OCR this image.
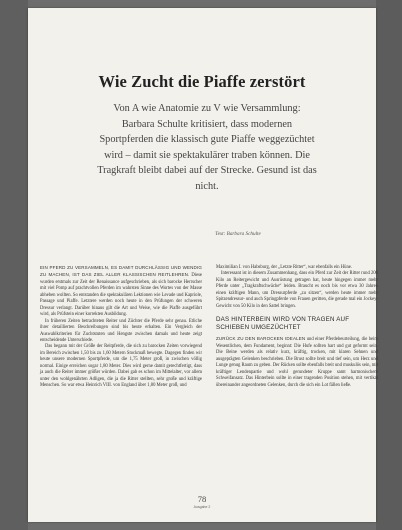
Wie Zucht die Piaffe zerstört
Von A wie Anatomie zu V wie Versammlung: Barbara Schulte kritisiert, dass modernen Sportpferden die klassisch gute Piaffe weggezüchtet wird – damit sie spektakulärer traben können. Die Tragkraft bleibt dabei auf der Strecke. Gesund ist das nicht.
Text: Barbara Schulte

EIN PFERD ZU VERSAMMELN, ES DAMIT DURCHLÄSSIG UND WENDIG ZU MACHEN, IST DAS ZIEL ALLER KLASSISCHEN REITLEHREN. Diese wurden erstmals zur Zeit der Renaissance aufgeschrieben, als sich barocke Herrscher mit viel Pomp auf prachtvollen Pferden im wahrsten Sinne des Wortes von der Masse abheben wollten. So entstanden die spektakulären Lektionen wie Levade und Kapriole, Passage und Piaffe. Letztere werden noch heute in den Prüfungen der schweren Dressur verlangt. Darüber hinaus gilt die Art und Weise, wie die Piaffe ausgeführt wird, als Prüfstein einer korrekten Ausbildung.

In früheren Zeiten betrachteten Reiter und Züchter die Pferde sehr genau. Etliche ihrer detaillierten Beschreibungen sind bis heute erhalten. Ein Vergleich der Auswahlkriterien für Zuchtstuten und Hengste zwischen damals und heute zeigt entscheidende Unterschiede.

Das begann mit der Größe der Reitpferde, die sich zu barocken Zeiten vorwiegend im Bereich zwischen 1,50 bis zu 1,60 Metern Stockmaß bewegte. Dagegen finden wir heute unsere modernen Sportpferde, um die 1,75 Meter groß, in zwischen völlig normal. Einige erreichen sogar 1,80 Meter. Dies wird gerne damit gerechtfertigt, dass ja auch die Reiter immer größer würden. Dabei gab es schon im Mittelalter, vor allem unter den wohlgenährten Adligen, die ja die Ritter stellten, sehr große und kräftige Menschen. So war etwa Heinrich VIII. von England über 1,80 Meter groß, und

Maximilian I. von Habsburg, der „Letzte Ritter“, war ebenfalls ein Hüne.

Interessant ist in diesem Zusammenhang, dass ein Pferd zur Zeit der Ritter rund 200 Kilo an Reitergewicht und Ausrüstung getragen hat, heute hingegen immer mehr Pferde unter „Tragkraftschwäche“ leiden. Braucht es noch bis vor etwa 30 Jahren einen kräftigen Mann, um Dressurpferde „zu sitzen“, werden heute immer mehr Spitzendressur- und auch Springpferde von Frauen geritten, die gerade mal ein Jockey-Gewicht von 50 Kilo in den Sattel bringen.

DAS HINTERBEIN WIRD VON TRAGEN AUF SCHIEBEN UMGEZÜCHTET

ZURÜCK ZU DEN BAROCKEN IDEALEN und einer Pferdebeurteilung, die beim Wesentlichen, dem Fundament, beginnt: Die Hufe sollten hart und gut geformt sein. Die Beine werden als relativ kurz, kräftig, trocken, mit klaren Sehnen und ausgeprägten Gelenken beschrieben. Die Brust sollte breit und tief sein, um Herz und Lunge genug Raum zu geben. Der Rücken sollte ebenfalls breit und muskulös sein, mit kräftiger Lendenpartie und wohl gerundeter Kruppe samt harmonischem Schweifansatz. Das Hinterbein sollte in einer tragenden Position stehen, mit vertikal übereinander angeordneten Gelenken, durch die sich ein Lot fällen ließe.

78
Ausgabe 2
